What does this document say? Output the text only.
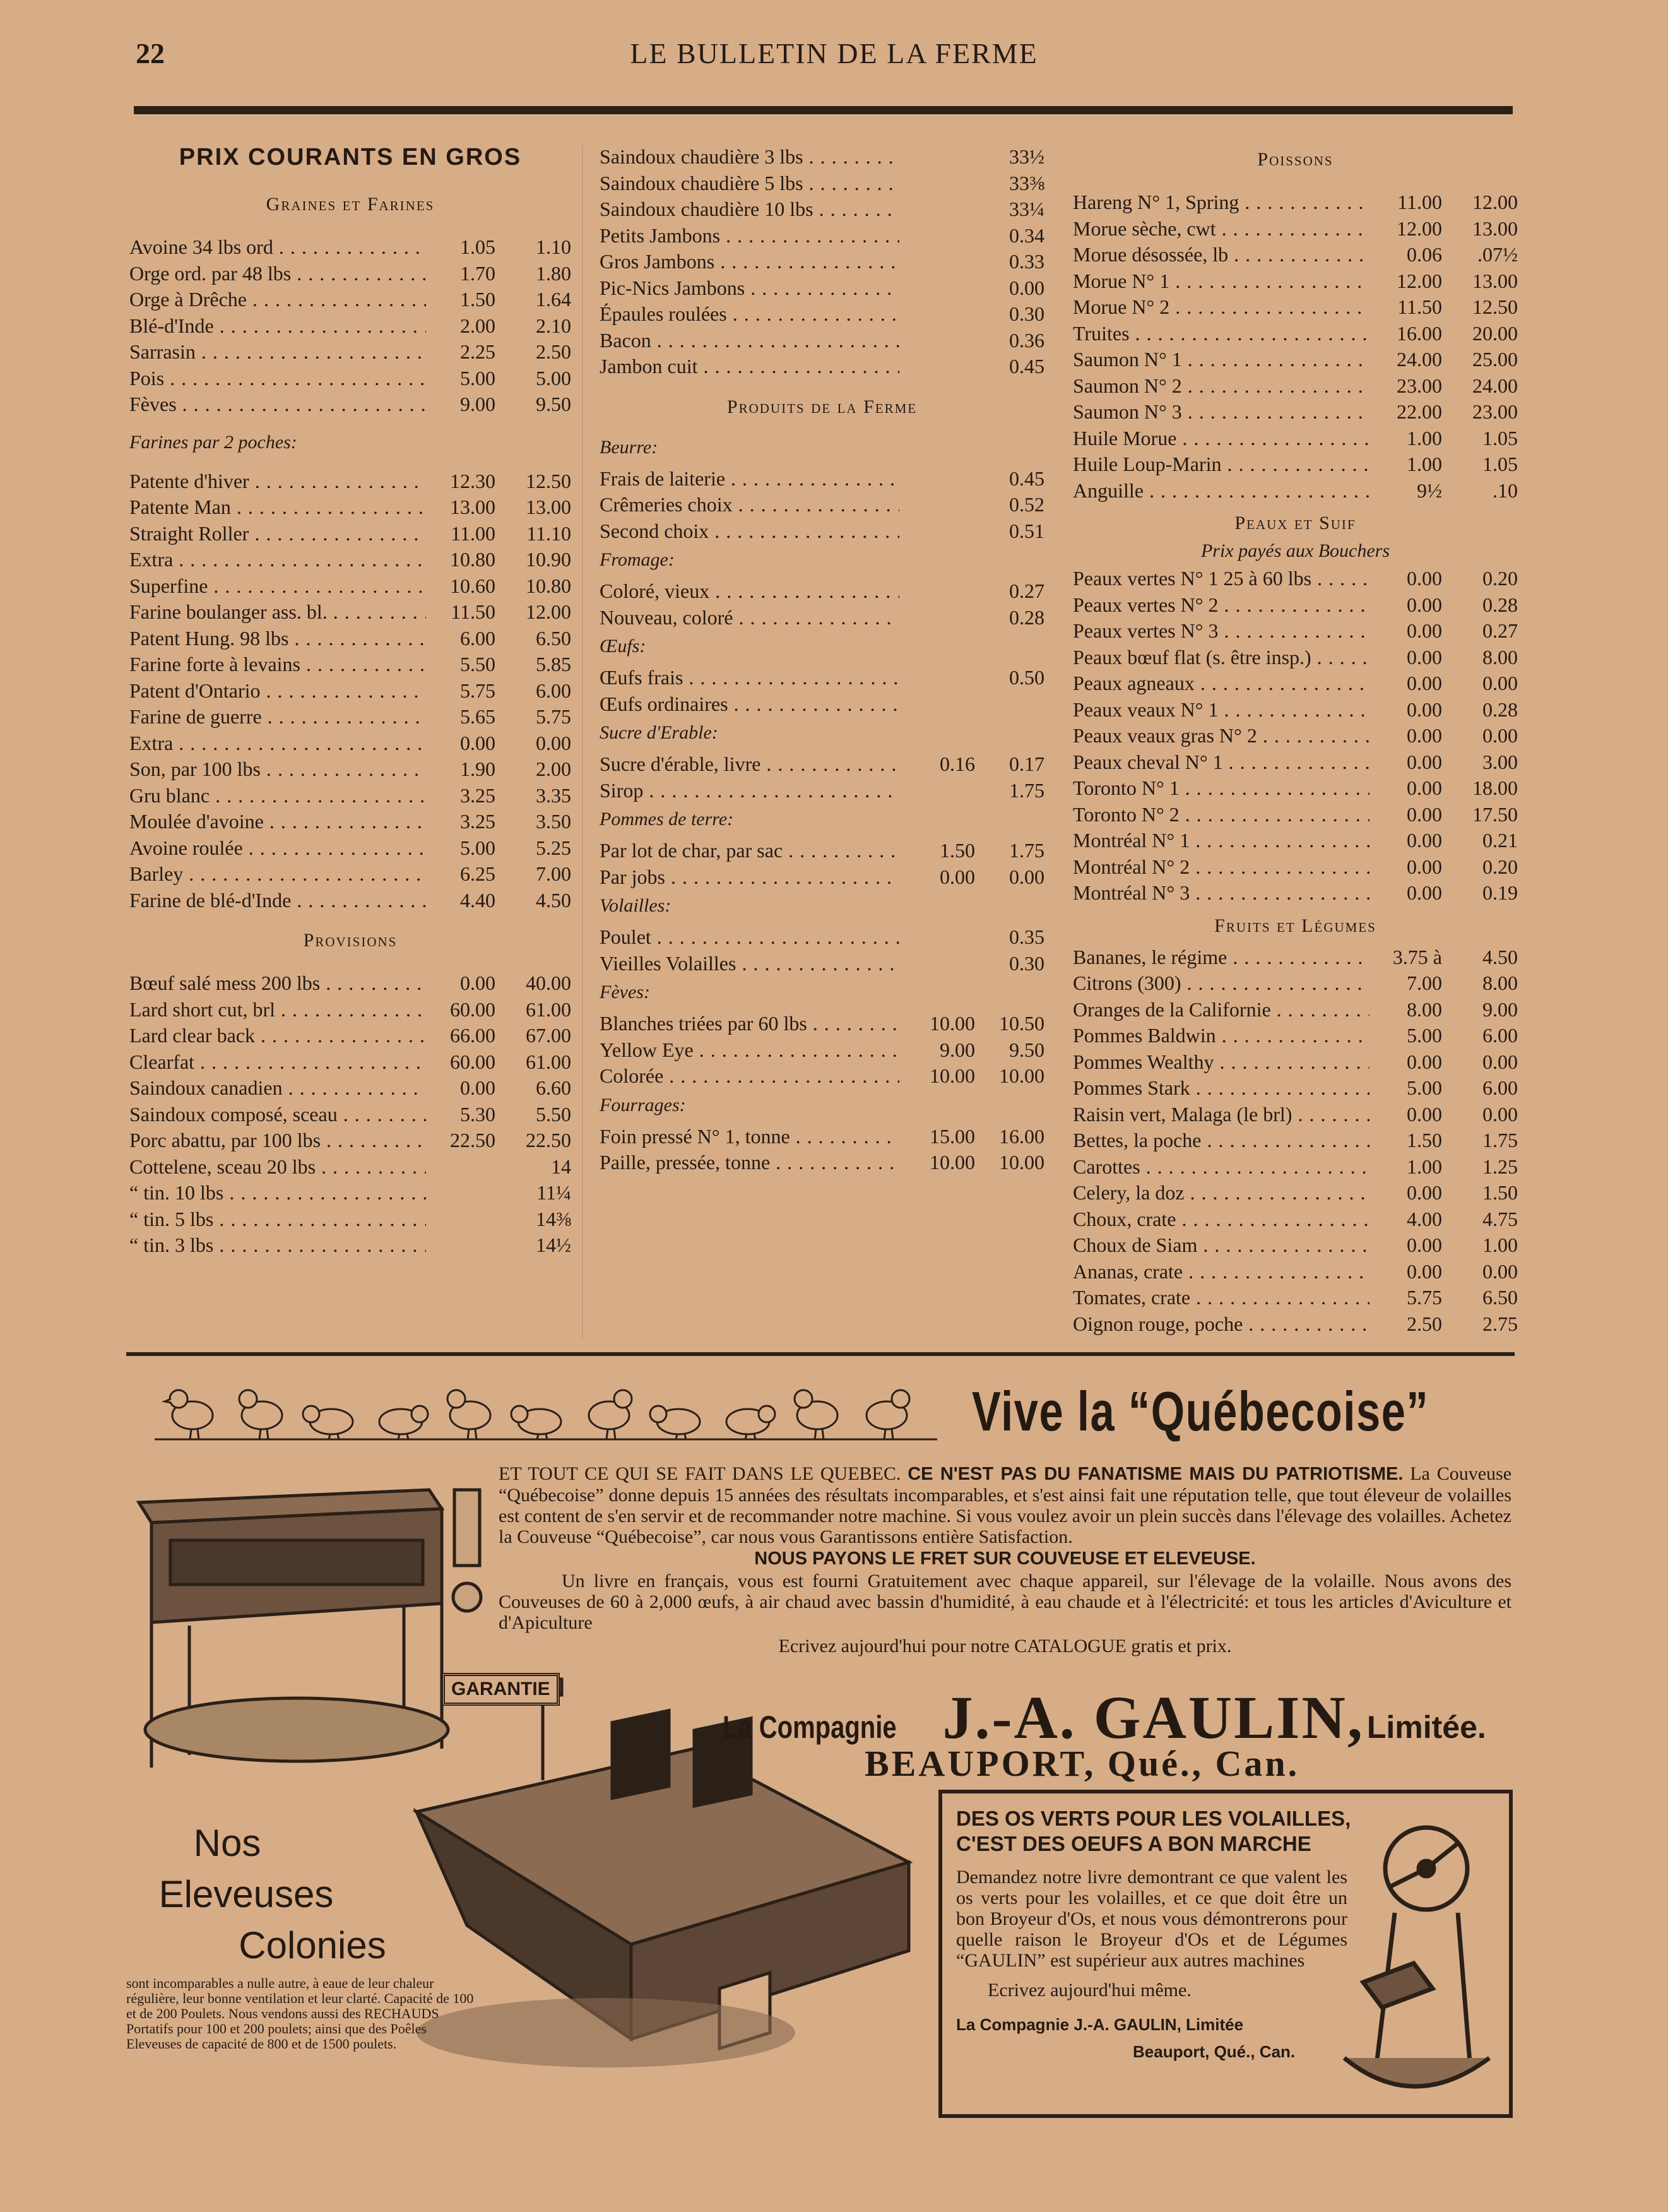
22	LE BULLETIN DE LA FERME
PRIX COURANTS EN GROS
Graines et Farines
Avoine 34 lbs ord . . .	1.05	1.10
Orge ord. par 48 lbs . . .	1.70	1.80
Orge à Drêche . . .	1.50	1.64
Blé-d'Inde . . .	2.00	2.10
Sarrasin . . .	2.25	2.50
Pois . . .	5.00	5.00
Fèves . . .	9.00	9.50
Farines par 2 poches:
Patente d'hiver . . .	12.30	12.50
Patente Man . . .	13.00	13.00
Straight Roller . . .	11.00	11.10
Extra . . .	10.80	10.90
Superfine . . .	10.60	10.80
Farine boulanger ass. bl. . . .	11.50	12.00
Patent Hung. 98 lbs . . .	6.00	6.50
Farine forte à levains . . .	5.50	5.85
Patent d'Ontario . . .	5.75	6.00
Farine de guerre . . .	5.65	5.75
Extra . . .	0.00	0.00
Son, par 100 lbs . . .	1.90	2.00
Gru blanc . . .	3.25	3.35
Moulée d'avoine . . .	3.25	3.50
Avoine roulée . . .	5.00	5.25
Barley . . .	6.25	7.00
Farine de blé-d'Inde . . .	4.40	4.50
Provisions
Bœuf salé mess 200 lbs . . .	0.00	40.00
Lard short cut, brl . . .	60.00	61.00
Lard clear back . . .	66.00	67.00
Clearfat . . .	60.00	61.00
Saindoux canadien . . .	0.00	6.60
Saindoux composé, sceau . . .	5.30	5.50
Porc abattu, par 100 lbs . . .	22.50	22.50
Cottelene, sceau 20 lbs . . .	14
“ tin. 10 lbs . . .	11¼
“ tin. 5 lbs . . .	14⅜
“ tin. 3 lbs . . .	14½
Saindoux chaudière 3 lbs . . .	33½
Saindoux chaudière 5 lbs . . .	33⅜
Saindoux chaudière 10 lbs . . .	33¼
Petits Jambons . . .	0.34
Gros Jambons . . .	0.33
Pic-Nics Jambons . . .	0.00
Épaules roulées . . .	0.30
Bacon . . .	0.36
Jambon cuit . . .	0.45
Produits de la Ferme
Beurre:
Frais de laiterie . . .	0.45
Crêmeries choix . . .	0.52
Second choix . . .	0.51
Fromage:
Coloré, vieux . . .	0.27
Nouveau, coloré . . .	0.28
Œufs:
Œufs frais . . .	0.50
Œufs ordinaires . . .
Sucre d'Erable:
Sucre d'érable, livre . . .	0.16	0.17
Sirop . . .	1.75
Pommes de terre:
Par lot de char, par sac . . .	1.50	1.75
Par jobs . . .	0.00	0.00
Volailles:
Poulet . . .	0.35
Vieilles Volailles . . .	0.30
Fèves:
Blanches triées par 60 lbs . . .	10.00	10.50
Yellow Eye . . .	9.00	9.50
Colorée . . .	10.00	10.00
Fourrages:
Foin pressé N° 1, tonne . . .	15.00	16.00
Paille, pressée, tonne . . .	10.00	10.00
Poissons
Hareng N° 1, Spring . . .	11.00	12.00
Morue sèche, cwt . . .	12.00	13.00
Morue désossée, lb . . .	0.06	.07½
Morue N° 1 . . .	12.00	13.00
Morue N° 2 . . .	11.50	12.50
Truites . . .	16.00	20.00
Saumon N° 1 . . .	24.00	25.00
Saumon N° 2 . . .	23.00	24.00
Saumon N° 3 . . .	22.00	23.00
Huile Morue . . .	1.00	1.05
Huile Loup-Marin . . .	1.00	1.05
Anguille . . .	9½	.10
Peaux et Suif
Prix payés aux Bouchers
Peaux vertes N° 1 25 à 60 lbs . . .	0.00	0.20
Peaux vertes N° 2 . . .	0.00	0.28
Peaux vertes N° 3 . . .	0.00	0.27
Peaux bœuf flat (s. être insp.) . . .	0.00	8.00
Peaux agneaux . . .	0.00	0.00
Peaux veaux N° 1 . . .	0.00	0.28
Peaux veaux gras N° 2 . . .	0.00	0.00
Peaux cheval N° 1 . . .	0.00	3.00
Toronto N° 1 . . .	0.00	18.00
Toronto N° 2 . . .	0.00	17.50
Montréal N° 1 . . .	0.00	0.21
Montréal N° 2 . . .	0.00	0.20
Montréal N° 3 . . .	0.00	0.19
Fruits et Légumes
Bananes, le régime . . .	3.75 à	4.50
Citrons (300) . . .	7.00	8.00
Oranges de la Californie . . .	8.00	9.00
Pommes Baldwin . . .	5.00	6.00
Pommes Wealthy . . .	0.00	0.00
Pommes Stark . . .	5.00	6.00
Raisin vert, Malaga (le brl) . . .	0.00	0.00
Bettes, la poche . . .	1.50	1.75
Carottes . . .	1.00	1.25
Celery, la doz . . .	0.00	1.50
Choux, crate . . .	4.00	4.75
Choux de Siam . . .	0.00	1.00
Ananas, crate . . .	0.00	0.00
Tomates, crate . . .	5.75	6.50
Oignon rouge, poche . . .	2.50	2.75
Vive la “Québecoise”
ET TOUT CE QUI SE FAIT DANS LE QUEBEC. CE N'EST PAS DU FANATISME MAIS DU PATRIOTISME. La Couveuse “Québecoise” donne depuis 15 années des résultats incomparables, et s'est ainsi fait une réputation telle, que tout éleveur de volailles est content de s'en servir et de recommander notre machine. Si vous voulez avoir un plein succès dans l'élevage des volailles. Achetez la Couveuse “Québecoise”, car nous vous Garantissons entière Satisfaction.
NOUS PAYONS LE FRET SUR COUVEUSE ET ELEVEUSE.
Un livre en français, vous est fourni Gratuitement avec chaque appareil, sur l'élevage de la volaille. Nous avons des Couveuses de 60 à 2,000 œufs, à air chaud avec bassin d'humidité, à eau chaude et à l'électricité: et tous les articles d'Aviculture et d'Apiculture
Ecrivez aujourd'hui pour notre CATALOGUE gratis et prix.
GARANTIE
La Compagnie J.-A. GAULIN, Limitée.
BEAUPORT, Qué., Can.
Nos
Eleveuses
Colonies
sont incomparables a nulle autre, à eaue de leur chaleur régulière, leur bonne ventilation et leur clarté. Capacité de 100 et de 200 Poulets. Nous vendons aussi des RECHAUDS Portatifs pour 100 et 200 poulets; ainsi que des Poêles Eleveuses de capacité de 800 et de 1500 poulets.
DES OS VERTS POUR LES VOLAILLES, C'EST DES OEUFS A BON MARCHE
Demandez notre livre demontrant ce que valent les os verts pour les volailles, et ce que doit être un bon Broyeur d'Os, et nous vous démontrerons pour quelle raison le Broyeur d'Os et de Légumes “GAULIN” est supérieur aux autres machines
Ecrivez aujourd'hui même.
La Compagnie J.-A. GAULIN, Limitée
Beauport, Qué., Can.
